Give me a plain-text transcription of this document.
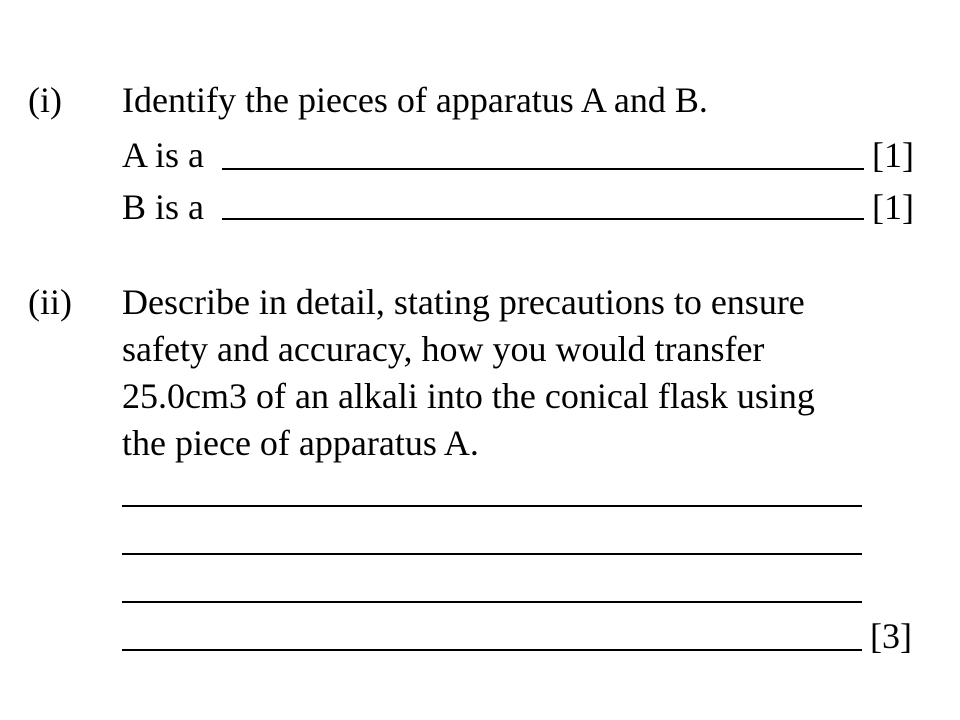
(i) Identify the pieces of apparatus A and B.
A is a	[1]
B is a	[1]
(ii) Describe in detail, stating precautions to ensure
safety and accuracy, how you would transfer
25.0cm3 of an alkali into the conical flask using
the piece of apparatus A.
[3]
